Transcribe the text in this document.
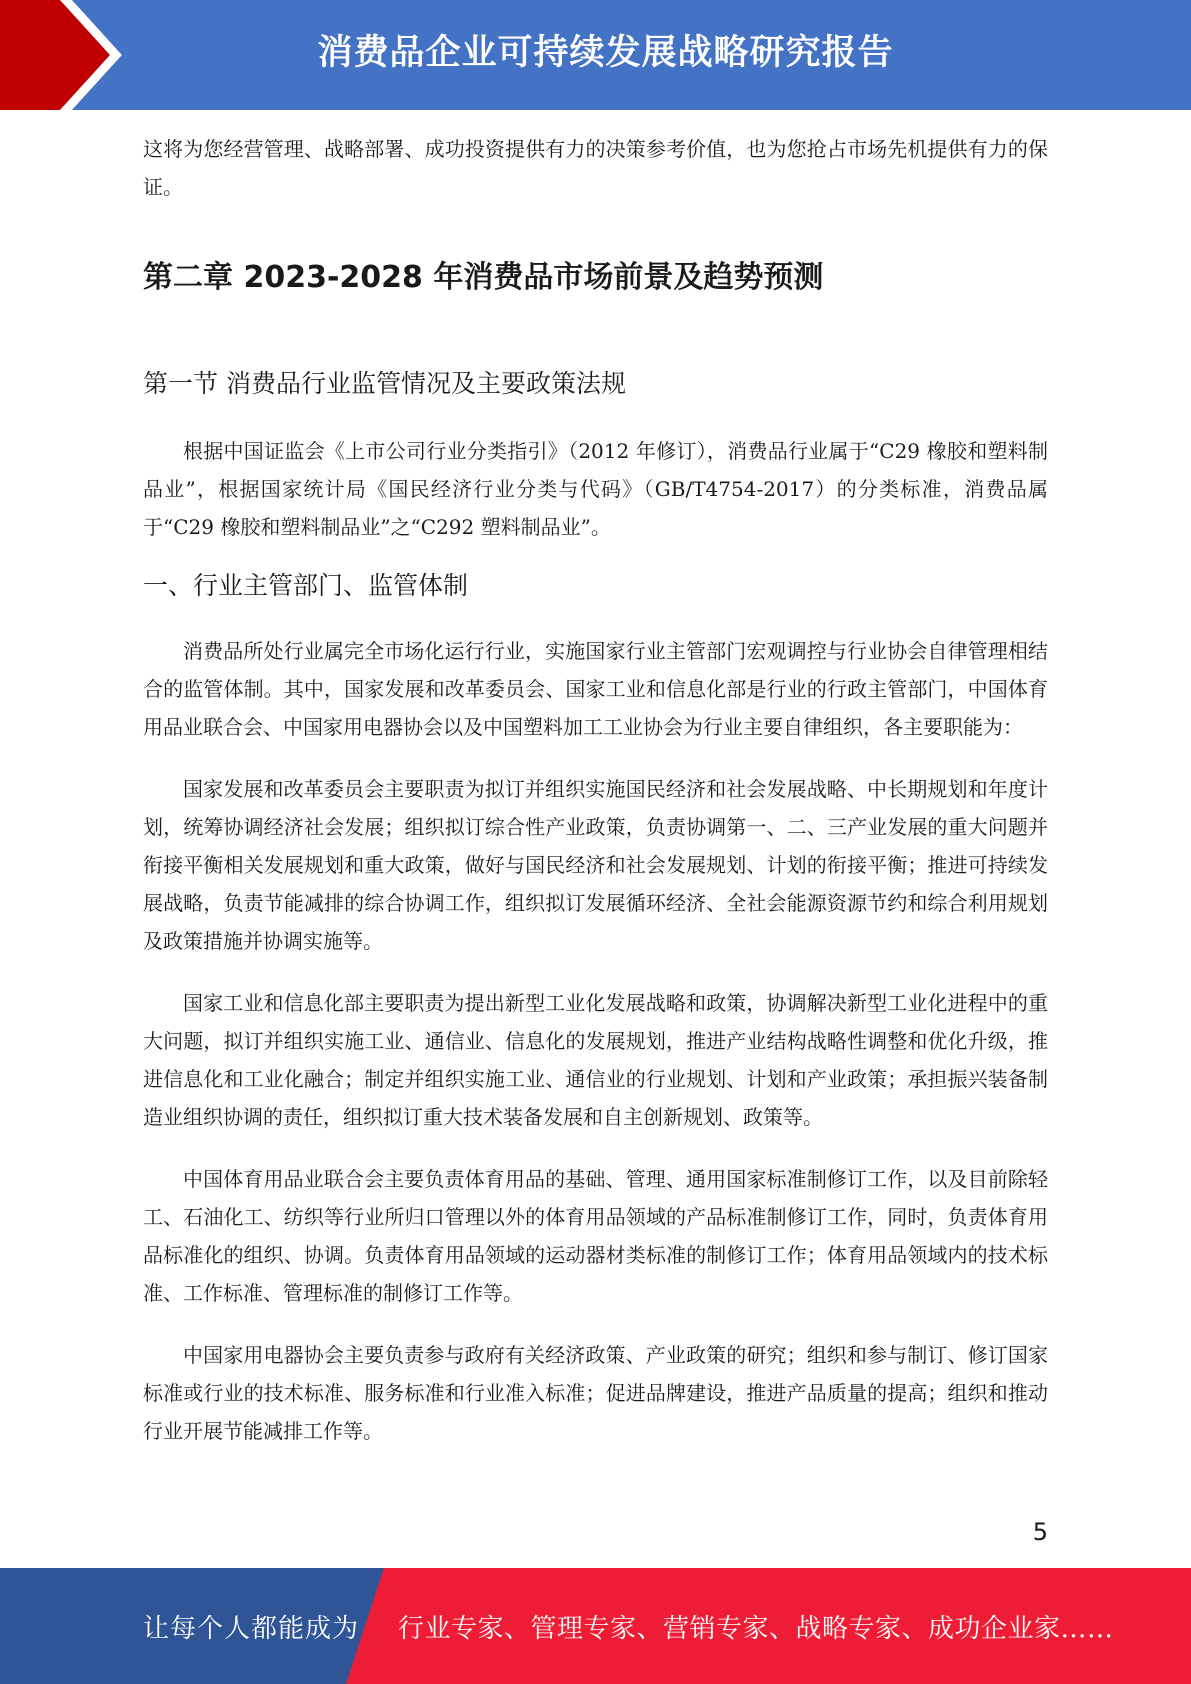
消费品企业可持续发展战略研究报告

这将为您经营管理、战略部署、成功投资提供有力的决策参考价值，也为您抢占市场先机提供有力的保证。

第二章 2023-2028 年消费品市场前景及趋势预测
第一节 消费品行业监管情况及主要政策法规

根据中国证监会《上市公司行业分类指引》（2012 年修订），消费品行业属于“C29 橡胶和塑料制品业”，根据国家统计局《国民经济行业分类与代码》（GB/T4754-2017）的分类标准，消费品属于“C29 橡胶和塑料制品业”之“C292 塑料制品业”。

一、行业主管部门、监管体制

消费品所处行业属完全市场化运行行业，实施国家行业主管部门宏观调控与行业协会自律管理相结合的监管体制。其中，国家发展和改革委员会、国家工业和信息化部是行业的行政主管部门，中国体育用品业联合会、中国家用电器协会以及中国塑料加工工业协会为行业主要自律组织，各主要职能为：

国家发展和改革委员会主要职责为拟订并组织实施国民经济和社会发展战略、中长期规划和年度计划，统筹协调经济社会发展；组织拟订综合性产业政策，负责协调第一、二、三产业发展的重大问题并衔接平衡相关发展规划和重大政策，做好与国民经济和社会发展规划、计划的衔接平衡；推进可持续发展战略，负责节能减排的综合协调工作，组织拟订发展循环经济、全社会能源资源节约和综合利用规划及政策措施并协调实施等。

国家工业和信息化部主要职责为提出新型工业化发展战略和政策，协调解决新型工业化进程中的重大问题，拟订并组织实施工业、通信业、信息化的发展规划，推进产业结构战略性调整和优化升级，推进信息化和工业化融合；制定并组织实施工业、通信业的行业规划、计划和产业政策；承担振兴装备制造业组织协调的责任，组织拟订重大技术装备发展和自主创新规划、政策等。

中国体育用品业联合会主要负责体育用品的基础、管理、通用国家标准制修订工作，以及目前除轻工、石油化工、纺织等行业所归口管理以外的体育用品领域的产品标准制修订工作，同时，负责体育用品标准化的组织、协调。负责体育用品领域的运动器材类标准的制修订工作；体育用品领域内的技术标准、工作标准、管理标准的制修订工作等。

中国家用电器协会主要负责参与政府有关经济政策、产业政策的研究；组织和参与制订、修订国家标准或行业的技术标准、服务标准和行业准入标准；促进品牌建设，推进产品质量的提高；组织和推动行业开展节能减排工作等。

5
让每个人都能成为 行业专家、管理专家、营销专家、战略专家、成功企业家……
